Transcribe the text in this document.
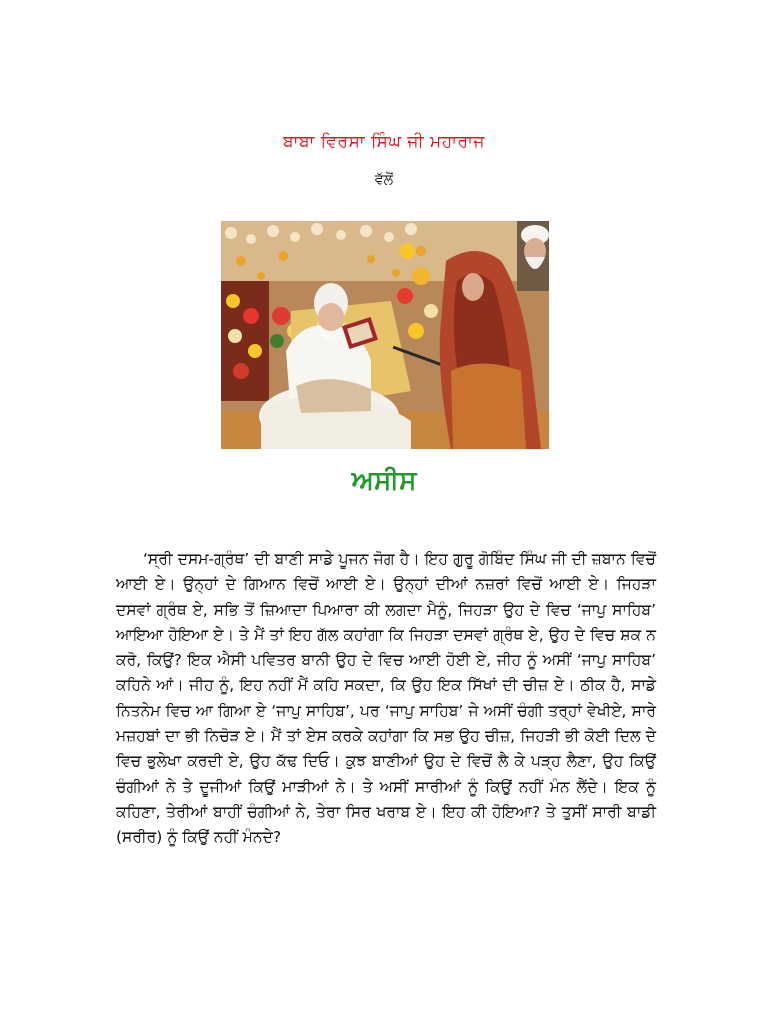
ਬਾਬਾ ਵਿਰਸਾ ਸਿੰਘ ਜੀ ਮਹਾਰਾਜ
ਵੱਲੋਂ
ਅਸੀਸ
‘ਸ੍ਰੀ ਦਸਮ-ਗ੍ਰੰਥ’ ਦੀ ਬਾਣੀ ਸਾਡੇ ਪੂਜਨ ਜੋਗ ਹੈ। ਇਹ ਗੁਰੂ ਗੋਬਿੰਦ ਸਿੰਘ ਜੀ ਦੀ ਜ਼ਬਾਨ ਵਿਚੋਂ ਆਈ ਏ। ਉਨ੍ਹਾਂ ਦੇ ਗਿਆਨ ਵਿਚੋਂ ਆਈ ਏ। ਉਨ੍ਹਾਂ ਦੀਆਂ ਨਜ਼ਰਾਂ ਵਿਚੋਂ ਆਈ ਏ। ਜਿਹੜਾ ਦਸਵਾਂ ਗ੍ਰੰਥ ਏ, ਸਭਿ ਤੋਂ ਜ਼ਿਆਦਾ ਪਿਆਰਾ ਕੀ ਲਗਦਾ ਮੈਨੂੰ, ਜਿਹੜਾ ਉਹ ਦੇ ਵਿਚ ‘ਜਾਪੁ ਸਾਹਿਬ’ ਆਇਆ ਹੋਇਆ ਏ। ਤੇ ਮੈਂ ਤਾਂ ਇਹ ਗੱਲ ਕਹਾਂਗਾ ਕਿ ਜਿਹੜਾ ਦਸਵਾਂ ਗ੍ਰੰਥ ਏ, ਉਹ ਦੇ ਵਿਚ ਸ਼ਕ ਨ ਕਰੋ, ਕਿਉਂ? ਇਕ ਐਸੀ ਪਵਿਤਰ ਬਾਨੀ ਉਹ ਦੇ ਵਿਚ ਆਈ ਹੋਈ ਏ, ਜੀਹ ਨੂੰ ਅਸੀਂ ‘ਜਾਪੁ ਸਾਹਿਬ’ ਕਹਿਨੇ ਆਂ। ਜੀਹ ਨੂੰ, ਇਹ ਨਹੀਂ ਮੈਂ ਕਹਿ ਸਕਦਾ, ਕਿ ਉਹ ਇਕ ਸਿੱਖਾਂ ਦੀ ਚੀਜ਼ ਏ। ਠੀਕ ਹੈ, ਸਾਡੇ ਨਿਤਨੇਮ ਵਿਚ ਆ ਗਿਆ ਏ ‘ਜਾਪੁ ਸਾਹਿਬ’, ਪਰ ‘ਜਾਪੁ ਸਾਹਿਬ’ ਜੇ ਅਸੀਂ ਚੰਗੀ ਤਰ੍ਹਾਂ ਵੇਖੀਏ, ਸਾਰੇ ਮਜ਼ਹਬਾਂ ਦਾ ਭੀ ਨਿਚੋੜ ਏ। ਮੈਂ ਤਾਂ ਏਸ ਕਰਕੇ ਕਹਾਂਗਾ ਕਿ ਸਭ ਉਹ ਚੀਜ਼, ਜਿਹੜੀ ਭੀ ਕੋਈ ਦਿਲ ਦੇ ਵਿਚ ਭੁਲੇਖਾ ਕਰਦੀ ਏ, ਉਹ ਕੱਢ ਦਿਓ। ਕੁਝ ਬਾਣੀਆਂ ਉਹ ਦੇ ਵਿਚੋਂ ਲੈ ਕੇ ਪੜ੍ਹ ਲੈਣਾ, ਉਹ ਕਿਉਂ ਚੰਗੀਆਂ ਨੇ ਤੇ ਦੂਜੀਆਂ ਕਿਉਂ ਮਾੜੀਆਂ ਨੇ। ਤੇ ਅਸੀਂ ਸਾਰੀਆਂ ਨੂੰ ਕਿਉਂ ਨਹੀਂ ਮੰਨ ਲੈਂਦੇ। ਇਕ ਨੂੰ ਕਹਿਣਾ, ਤੇਰੀਆਂ ਬਾਹੀਂ ਚੰਗੀਆਂ ਨੇ, ਤੇਰਾ ਸਿਰ ਖਰਾਬ ਏ। ਇਹ ਕੀ ਹੋਇਆ? ਤੇ ਤੁਸੀਂ ਸਾਰੀ ਬਾਡੀ (ਸਰੀਰ) ਨੂੰ ਕਿਉਂ ਨਹੀਂ ਮੰਨਦੇ?
